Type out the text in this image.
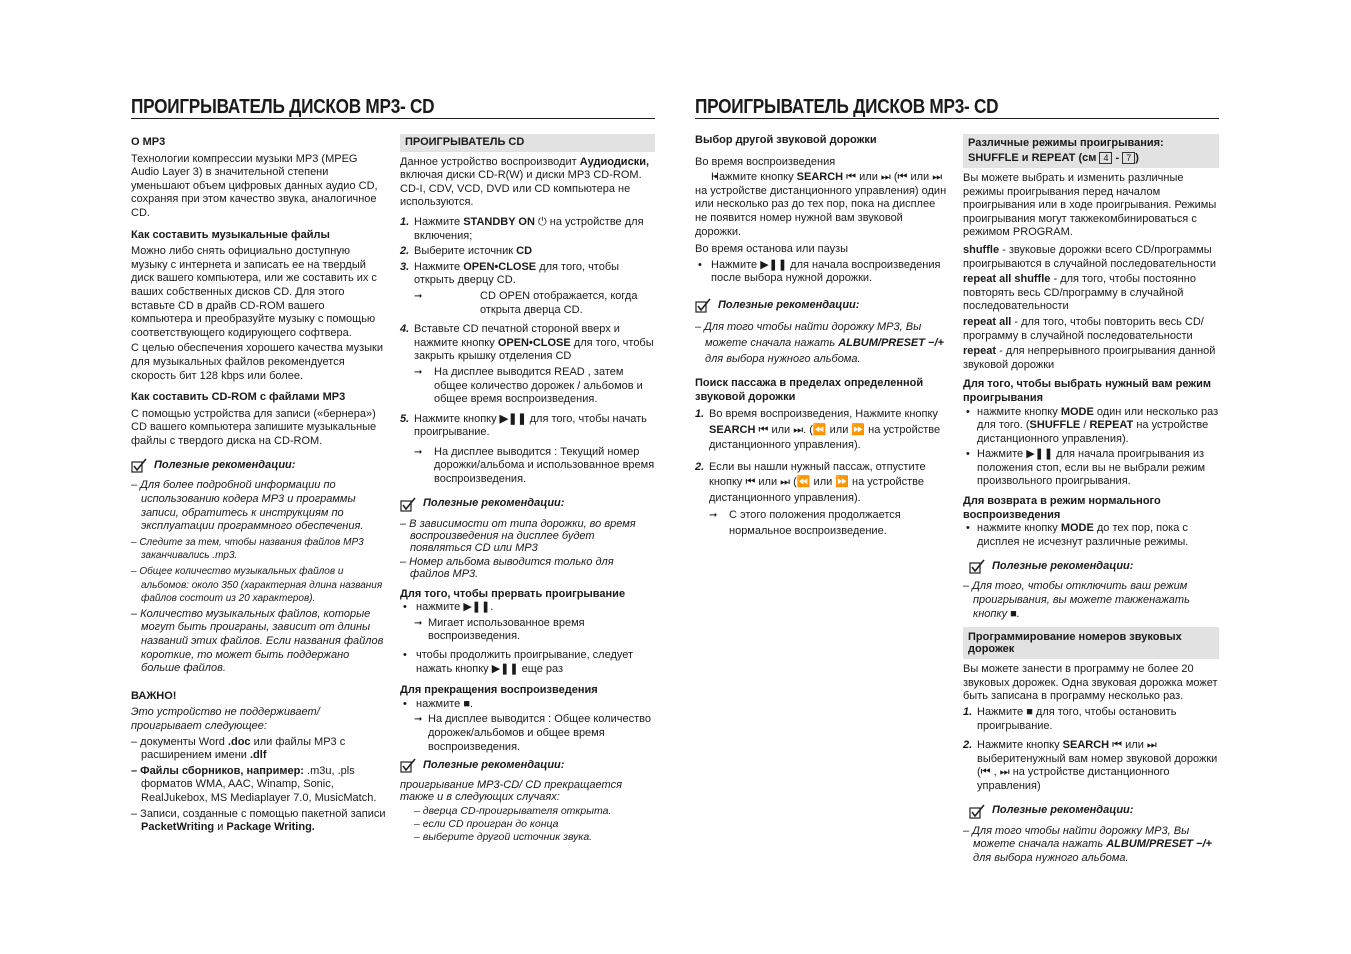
ПРОИГРЫВАТЕЛЬ ДИСКОВ МР3- CD
О MP3

Технологии компрессии музыки MP3 (MPEG Audio Layer 3) в значительной степени уменьшают объем цифровых данных аудио CD, сохраняя при этом качество звука, аналогичное CD.

Как составить музыкальные файлы

Можно либо снять официально доступную музыку с интернета и записать ее на твердый диск вашего компьютера, или же составить их с ваших собственных дисков CD. Для этого вставьте CD в драйв CD-ROM вашего компьютера и преобразуйте музыку с помощью соответствующего кодирующего софтвера.

С целью обеспечения хорошего качества музыки для музыкальных файлов рекомендуется скорость бит 128 kbps или более.

Как составить CD-ROM с файлами MP3

С помощью устройства для записи («бернера») CD вашего компьютера запишите музыкальные файлы с твердого диска на CD-ROM.

Полезные рекомендации:

– Для более подробной информации по использованию кодера MP3 и программы записи, обратитесь к инструкциям по эксплуатации программного обеспечения.

– Следите за тем, чтобы названия файлов MP3 заканчивались .mp3.

– Общее количество музыкальных файлов и альбомов: около 350 (характерная длина названия файлов состоит из 20 характеров).

– Количество музыкальных файлов, которые могут быть проиграны, зависит от длины названий этих файлов. Если названия файлов короткие, то может быть поддержано больше файлов.

ВАЖНО!

Это устройство не поддерживает/проигрывает следующее:

– документы Word .doc или файлы MP3 с расширением имени .dlf

– Файлы сборников, например: .m3u, .pls форматов WMA, AAC, Winamp, Sonic, RealJukebox, MS Mediaplayer 7.0, MusicMatch.

– Записи, созданные с помощью пакетной записи PacketWriting и Package Writing.

ПРОИГРЫВАТЕЛЬ CD

Данное устройство воспроизводит Аудиодиски, включая диски CD-R(W) и диски MP3 CD-ROM. CD-I, CDV, VCD, DVD или CD компьютера не используются.

1. Нажмите STANDBY ON ⏻ на устройстве для включения;

2. Выберите источник CD

3. Нажмите OPEN•CLOSE для того, чтобы открыть дверцу CD.

➞ CD OPEN отображается, когда открыта дверца CD.

4. Вставьте CD печатной стороной вверх и нажмите кнопку OPEN•CLOSE для того, чтобы закрыть крышку отделения CD

➞ На дисплее выводится READ , затем общее количество дорожек / альбомов и общее время воспроизведения.

5. Нажмите кнопку ▶❚❚ для того, чтобы начать проигрывание.

➞ На дисплее выводится : Текущий номер дорожки/альбома и использованное время воспроизведения.

Полезные рекомендации:

– В зависимости от типа дорожки, во время воспроизведения на дисплее будет появляться CD или MP3

– Номер альбома выводится только для файлов MP3.

Для того, чтобы прервать проигрывание

• нажмите ▶❚❚.

➞ Мигает использованное время воспроизведения.

• чтобы продолжить проигрывание, следует нажать кнопку ▶❚❚ еще раз

Для прекращения воспроизведения

• нажмите ■.

➞ На дисплее выводится : Общее количество дорожек/альбомов и общее время воспроизведения.

Полезные рекомендации:

проигрывание MP3-CD/ CD прекращается также и в следующих случаях:

– дверца CD-проигрывателя открыта.

– если CD проигран до конца

– выберите другой источник звука.

ПРОИГРЫВАТЕЛЬ ДИСКОВ МР3- CD
Выбор другой звуковой дорожки

Во время воспроизведения

• Нажмите кнопку SEARCH ⏮ или ⏭ (⏮ или ⏭ на устройстве дистанционного управления) один или несколько раз до тех пор, пока на дисплее не появится номер нужной вам звуковой дорожки.

Во время останова или паузы

• Нажмите ▶❚❚ для начала воспроизведения после выбора нужной дорожки.

Полезные рекомендации:

– Для того чтобы найти дорожку MP3, Вы можете сначала нажать ALBUM/PRESET −/+ для выбора нужного альбома.

Поиск пассажа в пределах определенной звуковой дорожки

1. Во время воспроизведения, Нажмите кнопку SEARCH ⏮ или ⏭. (⏪ или ⏩ на устройстве дистанционного управления).

2. Если вы нашли нужный пассаж, отпустите кнопку ⏮ или ⏭ (⏪ или ⏩ на устройстве дистанционного управления).

➞ С этого положения продолжается нормальное воспроизведение.

Различные режимы проигрывания: SHUFFLE и REPEAT (см 4 - 7 )

Вы можете выбрать и изменить различные режимы проигрывания перед началом проигрывания или в ходе проигрывания. Режимы проигрывания могут такжекомбинироваться с режимом PROGRAM.

shuffle - звуковые дорожки всего CD/программы проигрываются в случайной последовательности

repeat all shuffle - для того, чтобы постоянно повторять весь CD/программу в случайной последовательности

repeat all - для того, чтобы повторить весь CD/программу в случайной последовательности

repeat - для непрерывного проигрывания данной звуковой дорожки

Для того, чтобы выбрать нужный вам режим проигрывания

• нажмите кнопку MODE один или несколько раз для того. (SHUFFLE / REPEAT на устройстве дистанционного управления).

• Нажмите ▶❚❚ для начала проигрывания из положения стоп, если вы не выбрали режим произвольного проигрывания.

Для возврата в режим нормального воспроизведения

• нажмите кнопку MODE до тех пор, пока с дисплея не исчезнут различные режимы.

Полезные рекомендации:

– Для того, чтобы отключить ваш режим проигрывания, вы можете такженажать кнопку ■.

Программирование номеров звуковых дорожек

Вы можете занести в программу не более 20 звуковых дорожек. Одна звуковая дорожка может быть записана в программу несколько раз.

1. Нажмите ■ для того, чтобы остановить проигрывание.

2. Нажмите кнопку SEARCH ⏮ или ⏭ выберитенужный вам номер звуковой дорожки (⏮ , ⏭ на устройстве дистанционного управления)

Полезные рекомендации:

– Для того чтобы найти дорожку MP3, Вы можете сначала нажать ALBUM/PRESET −/+ для выбора нужного альбома.
